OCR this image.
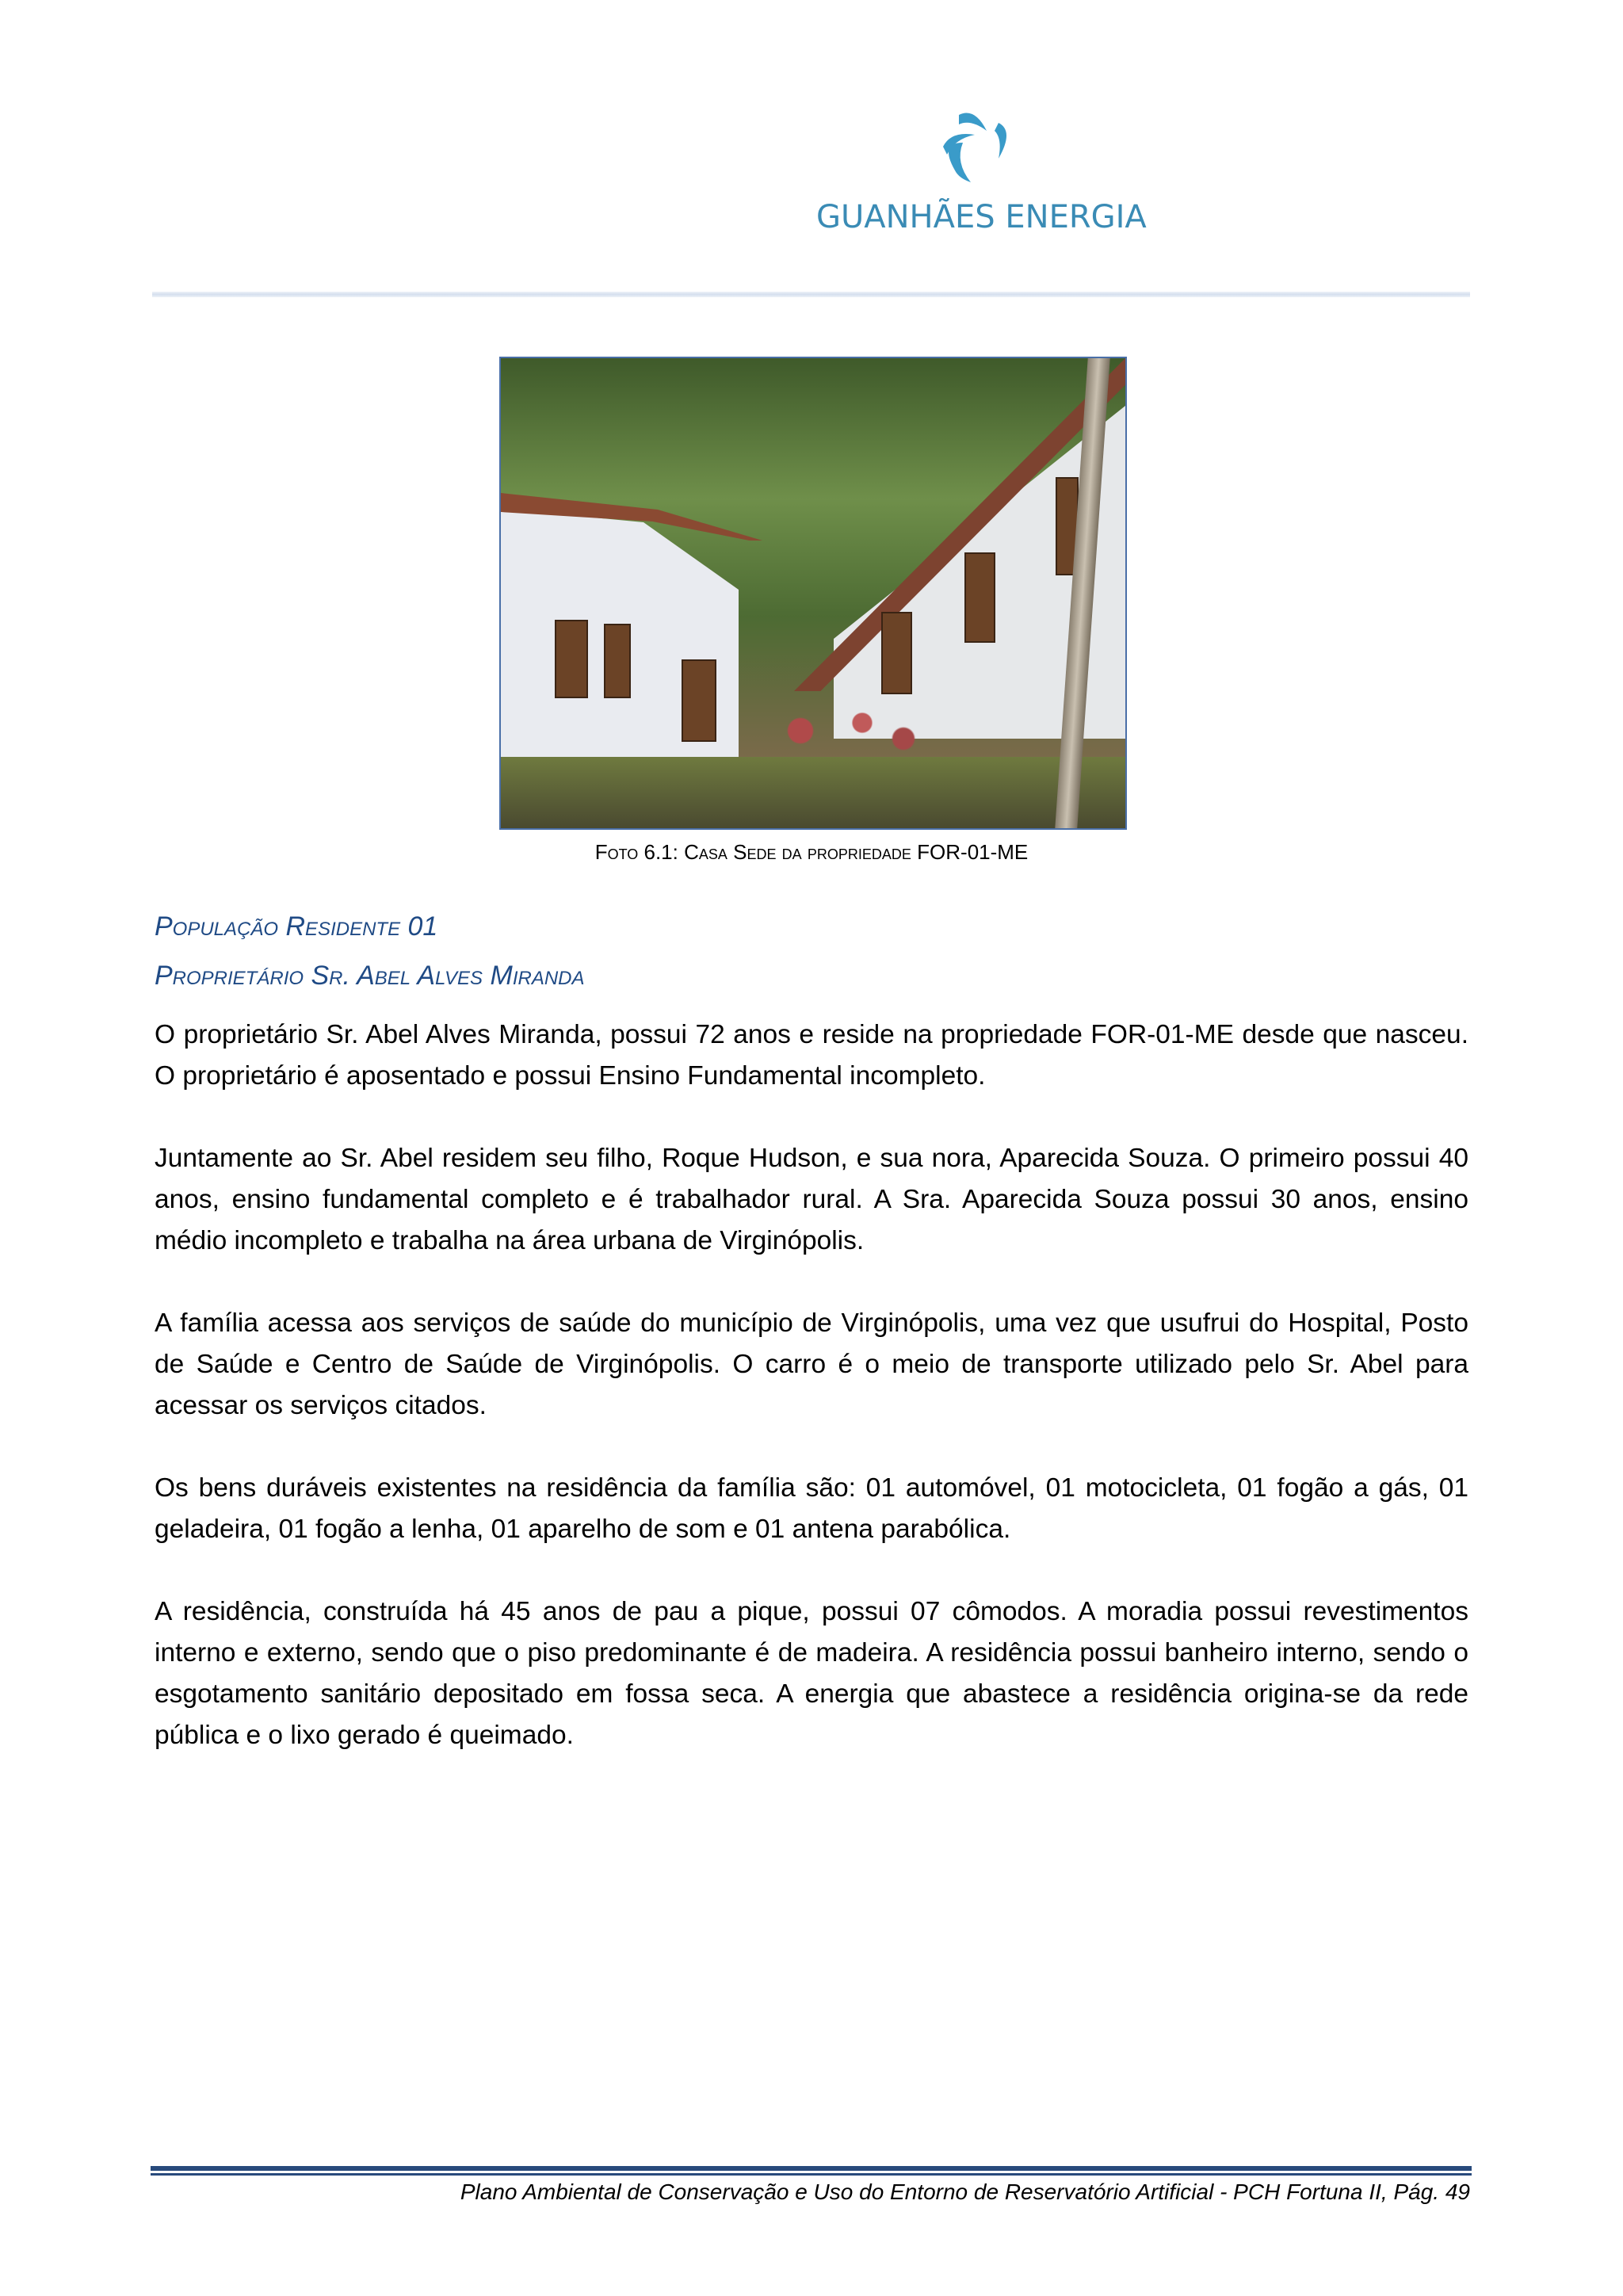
GUANHÃES ENERGIA
Foto 6.1: Casa Sede da propriedade FOR-01-ME
População Residente 01
Proprietário Sr. Abel Alves Miranda

O proprietário Sr. Abel Alves Miranda, possui 72 anos e reside na propriedade FOR-01-ME desde que nasceu. O proprietário é aposentado e possui Ensino Fundamental incompleto.

Juntamente ao Sr. Abel residem seu filho, Roque Hudson, e sua nora, Aparecida Souza. O primeiro possui 40 anos, ensino fundamental completo e é trabalhador rural. A Sra. Aparecida Souza possui 30 anos, ensino médio incompleto e trabalha na área urbana de Virginópolis.

A família acessa aos serviços de saúde do município de Virginópolis, uma vez que usufrui do Hospital, Posto de Saúde e Centro de Saúde de Virginópolis. O carro é o meio de transporte utilizado pelo Sr. Abel para acessar os serviços citados.

Os bens duráveis existentes na residência da família são: 01 automóvel, 01 motocicleta, 01 fogão a gás, 01 geladeira, 01 fogão a lenha, 01 aparelho de som e 01 antena parabólica.

A residência, construída há 45 anos de pau a pique, possui 07 cômodos. A moradia possui revestimentos interno e externo, sendo que o piso predominante é de madeira. A residência possui banheiro interno, sendo o esgotamento sanitário depositado em fossa seca. A energia que abastece a residência origina-se da rede pública e o lixo gerado é queimado.

Plano Ambiental de Conservação e Uso do Entorno de Reservatório Artificial - PCH Fortuna II, Pág. 49
